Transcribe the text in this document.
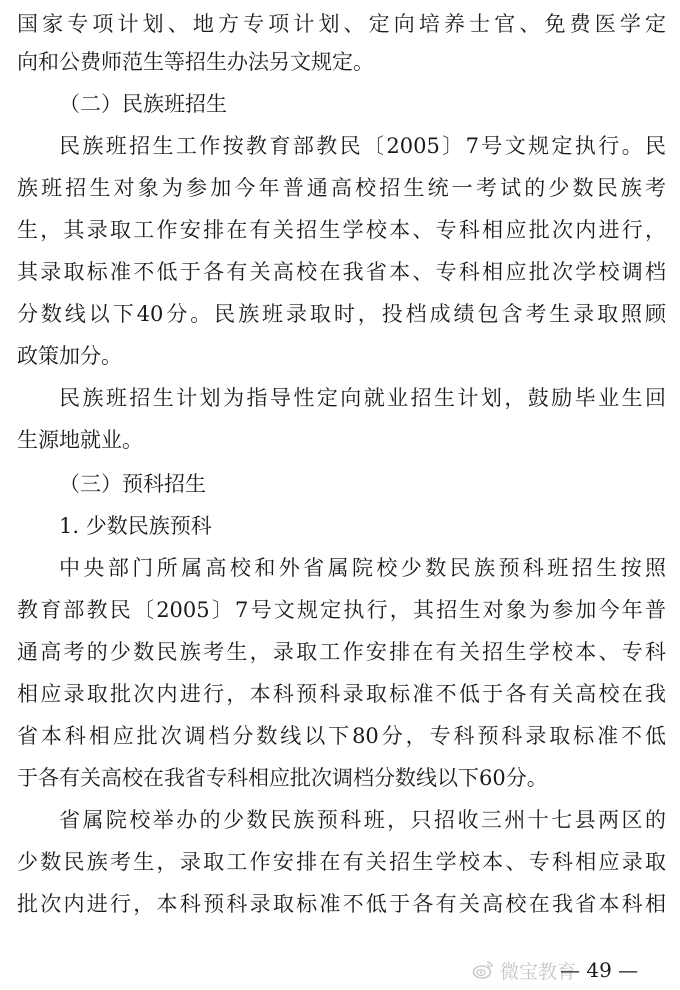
国家专项计划、地方专项计划、定向培养士官、免费医学定
向和公费师范生等招生办法另文规定。
（二）民族班招生
民族班招生工作按教育部教民〔2005〕7号文规定执行。民
族班招生对象为参加今年普通高校招生统一考试的少数民族考
生，其录取工作安排在有关招生学校本、专科相应批次内进行，
其录取标准不低于各有关高校在我省本、专科相应批次学校调档
分数线以下40分。民族班录取时，投档成绩包含考生录取照顾
政策加分。
民族班招生计划为指导性定向就业招生计划，鼓励毕业生回
生源地就业。
（三）预科招生
1. 少数民族预科
中央部门所属高校和外省属院校少数民族预科班招生按照
教育部教民〔2005〕7号文规定执行，其招生对象为参加今年普
通高考的少数民族考生，录取工作安排在有关招生学校本、专科
相应录取批次内进行，本科预科录取标准不低于各有关高校在我
省本科相应批次调档分数线以下80分，专科预科录取标准不低
于各有关高校在我省专科相应批次调档分数线以下60分。
省属院校举办的少数民族预科班，只招收三州十七县两区的
少数民族考生，录取工作安排在有关招生学校本、专科相应录取
批次内进行，本科预科录取标准不低于各有关高校在我省本科相
微宝教育
— 49 —
